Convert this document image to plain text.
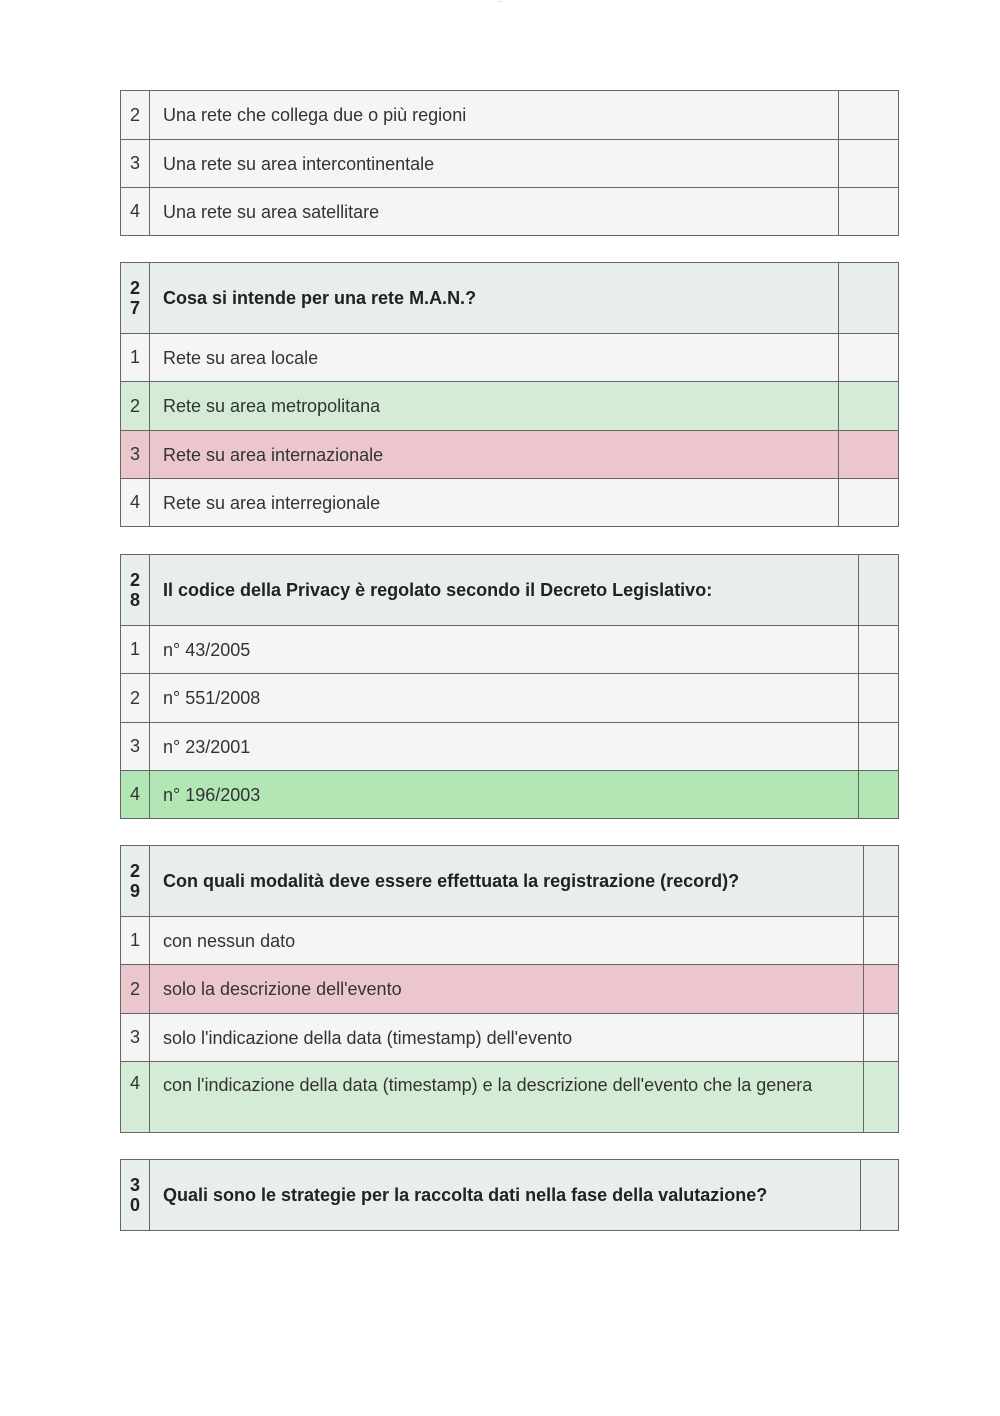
...
2	Una rete che collega due o più regioni	
3	Una rete su area intercontinentale	
4	Una rete su area satellitare	
2
7	Cosa si intende per una rete M.A.N.?	
1	Rete su area locale	
2	Rete su area metropolitana	
3	Rete su area internazionale	
4	Rete su area interregionale	
2
8	Il codice della Privacy è regolato secondo il Decreto Legislativo:	
1	n° 43/2005	
2	n° 551/2008	
3	n° 23/2001	
4	n° 196/2003	
2
9	Con quali modalità deve essere effettuata la registrazione (record)?	
1	con nessun dato	
2	solo la descrizione dell'evento	
3	solo l'indicazione della data (timestamp) dell'evento	
4	con l'indicazione della data (timestamp) e la descrizione dell'evento che la genera	
3
0	Quali sono le strategie per la raccolta dati nella fase della valutazione?	
